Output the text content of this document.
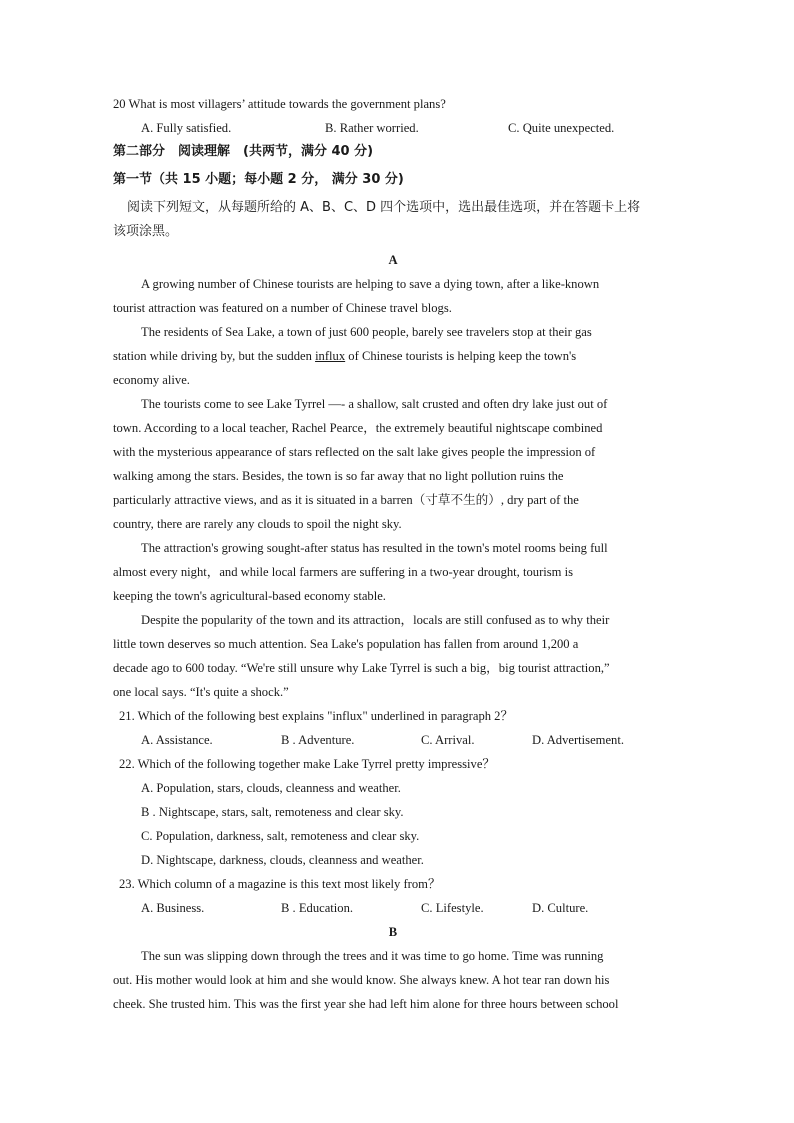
20 What is most villagers’ attitude towards the government plans?
A. Fully satisfied.	B. Rather worried.	C. Quite unexpected.
第二部分　阅读理解　(共两节，满分 40 分)
第一节（共 15 小题；每小题 2 分， 满分 30 分)
阅读下列短文，从每题所给的 A、B、C、D 四个选项中，选出最佳选项，并在答题卡上将
该项涂黑。
A
A growing number of Chinese tourists are helping to save a dying town, after a like-known
tourist attraction was featured on a number of Chinese travel blogs.
The residents of Sea Lake, a town of just 600 people, barely see travelers stop at their gas
station while driving by, but the sudden influx of Chinese tourists is helping keep the town's
economy alive.
The tourists come to see Lake Tyrrel —- a shallow, salt crusted and often dry lake just out of
town. According to a local teacher, Rachel Pearce，the extremely beautiful nightscape combined
with the mysterious appearance of stars reflected on the salt lake gives people the impression of
walking among the stars. Besides, the town is so far away that no light pollution ruins the
particularly attractive views, and as it is situated in a barren（寸草不生的）, dry part of the
country, there are rarely any clouds to spoil the night sky.
The attraction's growing sought-after status has resulted in the town's motel rooms being full
almost every night，and while local farmers are suffering in a two-year drought, tourism is
keeping the town's agricultural-based economy stable.
Despite the popularity of the town and its attraction，locals are still confused as to why their
little town deserves so much attention. Sea Lake's population has fallen from around 1,200 a
decade ago to 600 today. “We're still unsure why Lake Tyrrel is such a big，big tourist attraction,”
one local says. “It's quite a shock.”
21. Which of the following best explains "influx" underlined in paragraph 2？
A. Assistance.	B . Adventure.	C. Arrival.	D. Advertisement.
22. Which of the following together make Lake Tyrrel pretty impressive？
A. Population, stars, clouds, cleanness and weather.
B . Nightscape, stars, salt, remoteness and clear sky.
C. Population, darkness, salt, remoteness and clear sky.
D. Nightscape, darkness, clouds, cleanness and weather.
23. Which column of a magazine is this text most likely from？
A. Business.	B . Education.	C. Lifestyle.	D. Culture.
B
The sun was slipping down through the trees and it was time to go home. Time was running
out. His mother would look at him and she would know. She always knew. A hot tear ran down his
cheek. She trusted him. This was the first year she had left him alone for three hours between school
